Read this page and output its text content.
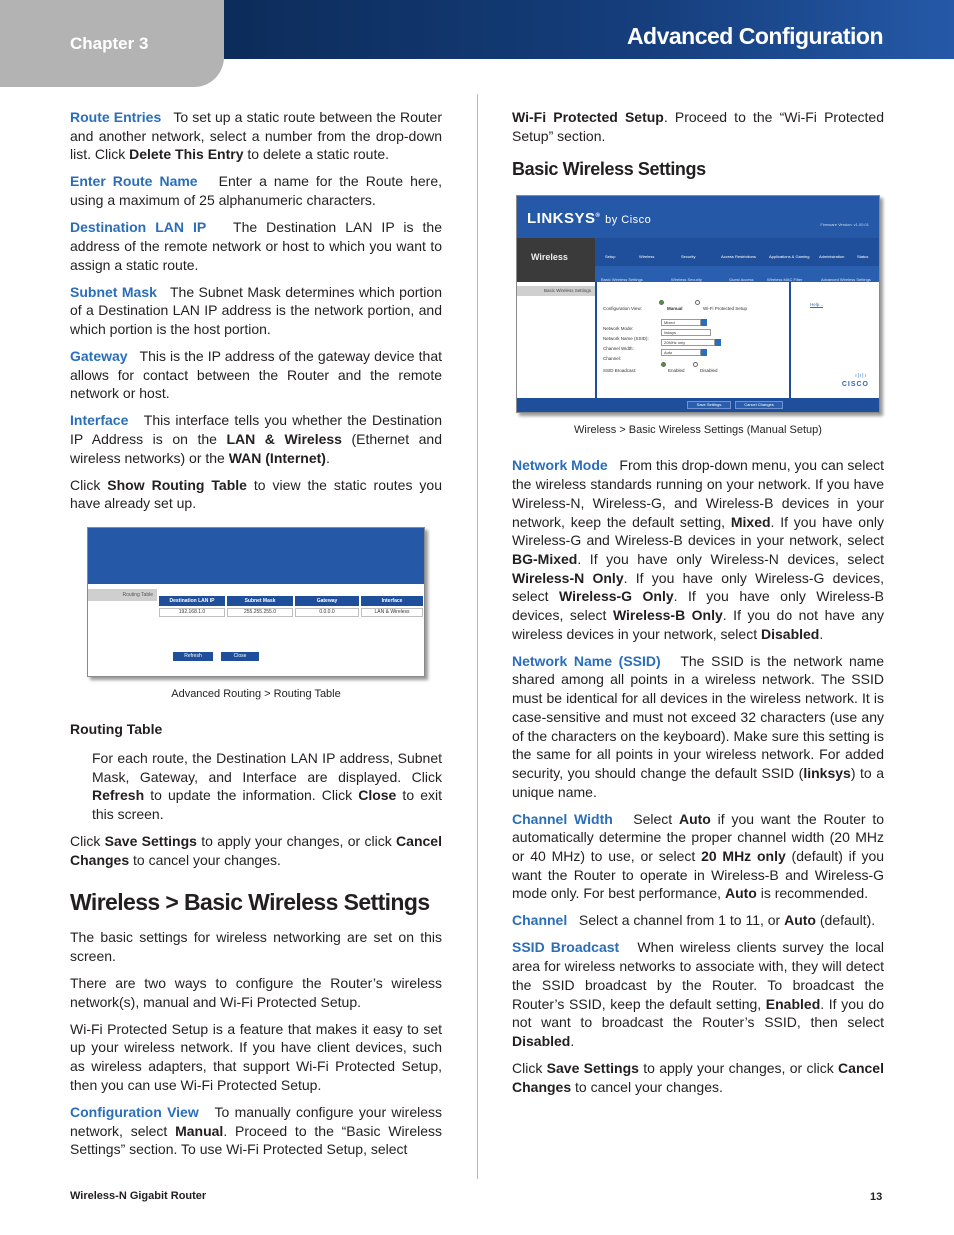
Chapter 3	Advanced Configuration

Route Entries To set up a static route between the Router and another network, select a number from the drop-down list. Click Delete This Entry to delete a static route.

Enter Route Name Enter a name for the Route here, using a maximum of 25 alphanumeric characters.

Destination LAN IP The Destination LAN IP is the address of the remote network or host to which you want to assign a static route.

Subnet Mask The Subnet Mask determines which portion of a Destination LAN IP address is the network portion, and which portion is the host portion.

Gateway This is the IP address of the gateway device that allows for contact between the Router and the remote network or host.

Interface This interface tells you whether the Destination IP Address is on the LAN & Wireless (Ethernet and wireless networks) or the WAN (Internet).

Click Show Routing Table to view the static routes you have already set up.

Routing Table
Destination LAN IP	Subnet Mask	Gateway	Interface
192.168.1.0	255.255.255.0	0.0.0.0	LAN & Wireless
Refresh	Close
Advanced Routing > Routing Table
Routing Table

For each route, the Destination LAN IP address, Subnet Mask, Gateway, and Interface are displayed. Click Refresh to update the information. Click Close to exit this screen.

Click Save Settings to apply your changes, or click Cancel Changes to cancel your changes.

Wireless > Basic Wireless Settings

The basic settings for wireless networking are set on this screen.

There are two ways to configure the Router’s wireless network(s), manual and Wi-Fi Protected Setup.

Wi-Fi Protected Setup is a feature that makes it easy to set up your wireless network. If you have client devices, such as wireless adapters, that support Wi-Fi Protected Setup, then you can use Wi-Fi Protected Setup.

Configuration View To manually configure your wireless network, select Manual. Proceed to the “Basic Wireless Settings” section. To use Wi-Fi Protected Setup, select

Wi-Fi Protected Setup. Proceed to the “Wi-Fi Protected Setup” section.

Basic Wireless Settings
LINKSYS® by Cisco	Firmware Version: v1.00.01
Wireless	Setup	Wireless	Security	Access Restrictions	Applications & Gaming Administration	Status
Basic Wireless Settings	Wireless Security	Guest Access	Wireless MAC Filter	Advanced Wireless Settings
Basic Wireless Settings
Configuration View:	Manual	Wi-Fi Protected Setup
Network Mode:
Mixed
Network Name (SSID):
linksys
Channel Width:
20MHz only
Channel:
Auto
SSID Broadcast:	Enabled	Disabled
Help...
ı|ı|ı
CISCO
Save Settings	Cancel Changes
Wireless > Basic Wireless Settings (Manual Setup)

Network Mode From this drop-down menu, you can select the wireless standards running on your network. If you have Wireless-N, Wireless-G, and Wireless-B devices in your network, keep the default setting, Mixed. If you have only Wireless-G and Wireless-B devices in your network, select BG-Mixed. If you have only Wireless-N devices, select Wireless-N Only. If you have only Wireless-G devices, select Wireless-G Only. If you have only Wireless-B devices, select Wireless-B Only. If you do not have any wireless devices in your network, select Disabled.

Network Name (SSID) The SSID is the network name shared among all points in a wireless network. The SSID must be identical for all devices in the wireless network. It is case-sensitive and must not exceed 32 characters (use any of the characters on the keyboard). Make sure this setting is the same for all points in your wireless network. For added security, you should change the default SSID (linksys) to a unique name.

Channel Width Select Auto if you want the Router to automatically determine the proper channel width (20 MHz or 40 MHz) to use, or select 20 MHz only (default) if you want the Router to operate in Wireless-B and Wireless-G mode only. For best performance, Auto is recommended.

Channel Select a channel from 1 to 11, or Auto (default).

SSID Broadcast When wireless clients survey the local area for wireless networks to associate with, they will detect the SSID broadcast by the Router. To broadcast the Router’s SSID, keep the default setting, Enabled. If you do not want to broadcast the Router’s SSID, then select Disabled.

Click Save Settings to apply your changes, or click Cancel Changes to cancel your changes.

Wireless-N Gigabit Router	13
